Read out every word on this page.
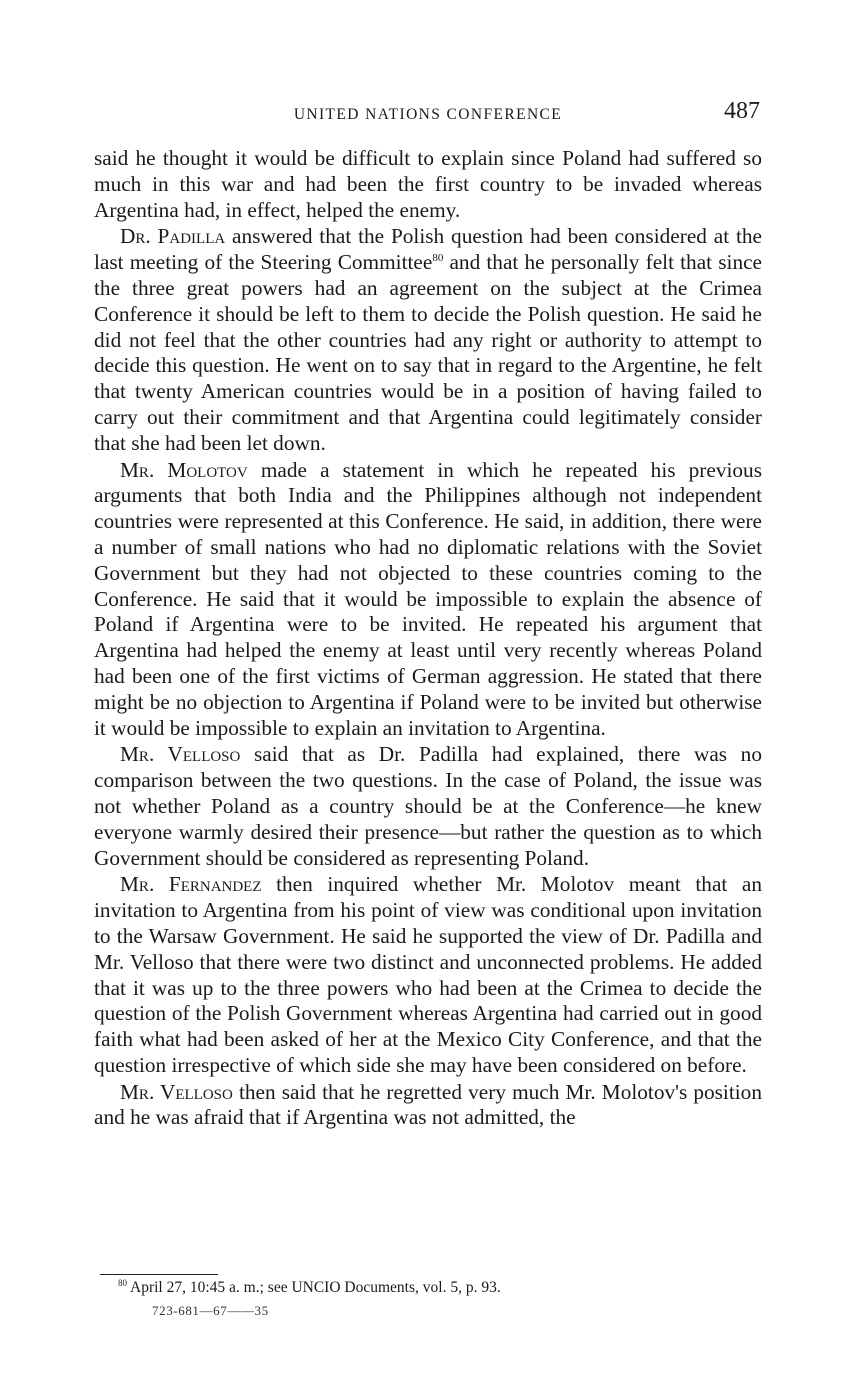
UNITED NATIONS CONFERENCE	487

said he thought it would be difficult to explain since Poland had suffered so much in this war and had been the first country to be invaded whereas Argentina had, in effect, helped the enemy.

Dr. Padilla answered that the Polish question had been considered at the last meeting of the Steering Committee$^{80}$ and that he personally felt that since the three great powers had an agreement on the subject at the Crimea Conference it should be left to them to decide the Polish question. He said he did not feel that the other countries had any right or authority to attempt to decide this question. He went on to say that in regard to the Argentine, he felt that twenty American countries would be in a position of having failed to carry out their commitment and that Argentina could legitimately consider that she had been let down.

Mr. Molotov made a statement in which he repeated his previous arguments that both India and the Philippines although not independent countries were represented at this Conference. He said, in addition, there were a number of small nations who had no diplomatic relations with the Soviet Government but they had not objected to these countries coming to the Conference. He said that it would be impossible to explain the absence of Poland if Argentina were to be invited. He repeated his argument that Argentina had helped the enemy at least until very recently whereas Poland had been one of the first victims of German aggression. He stated that there might be no objection to Argentina if Poland were to be invited but otherwise it would be impossible to explain an invitation to Argentina.

Mr. Velloso said that as Dr. Padilla had explained, there was no comparison between the two questions. In the case of Poland, the issue was not whether Poland as a country should be at the Conference—he knew everyone warmly desired their presence—but rather the question as to which Government should be considered as representing Poland.

Mr. Fernandez then inquired whether Mr. Molotov meant that an invitation to Argentina from his point of view was conditional upon invitation to the Warsaw Government. He said he supported the view of Dr. Padilla and Mr. Velloso that there were two distinct and unconnected problems. He added that it was up to the three powers who had been at the Crimea to decide the question of the Polish Government whereas Argentina had carried out in good faith what had been asked of her at the Mexico City Conference, and that the question irrespective of which side she may have been considered on before.

Mr. Velloso then said that he regretted very much Mr. Molotov's position and he was afraid that if Argentina was not admitted, the

$^{80}$ April 27, 10:45 a. m.; see UNCIO Documents, vol. 5, p. 93.
723-681—67——35
